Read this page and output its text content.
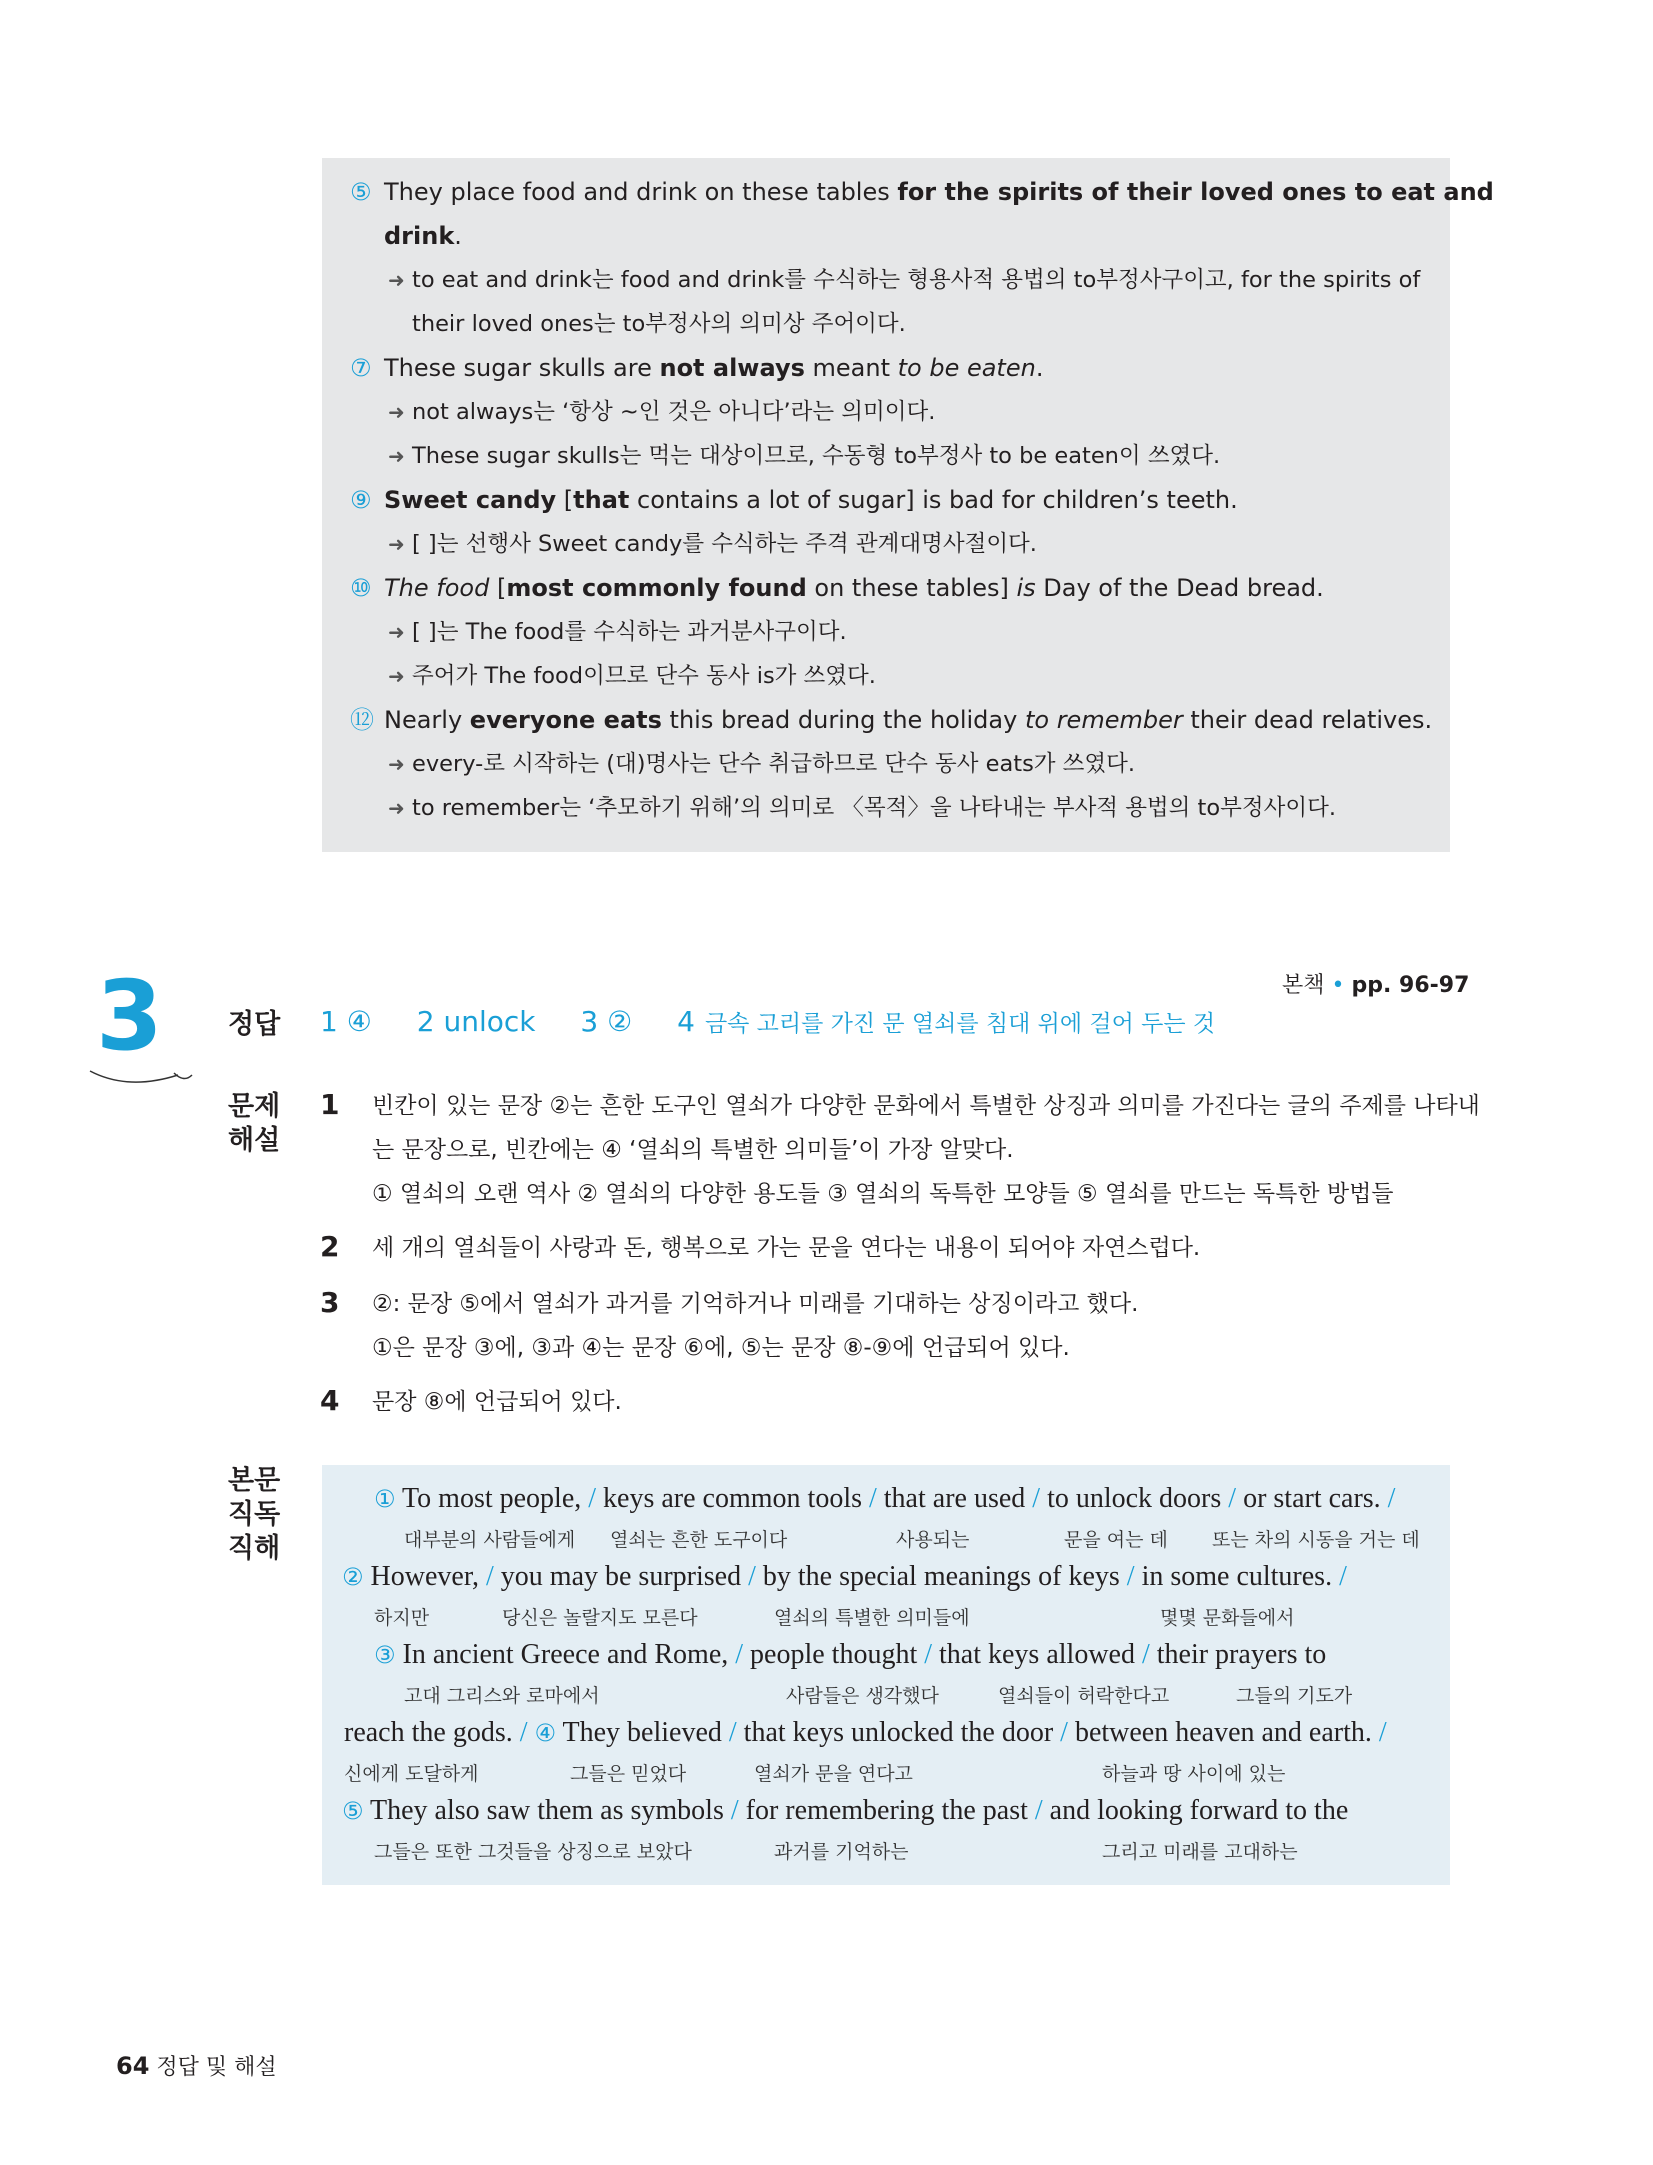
⑤ They place food and drink on these tables for the spirits of their loved ones to eat and
drink.
➜ to eat and drink는 food and drink를 수식하는 형용사적 용법의 to부정사구이고, for the spirits of
their loved ones는 to부정사의 의미상 주어이다.
⑦ These sugar skulls are not always meant to be eaten.
➜ not always는 ‘항상 ~인 것은 아니다’라는 의미이다.
➜ These sugar skulls는 먹는 대상이므로, 수동형 to부정사 to be eaten이 쓰였다.
⑨ Sweet candy [that contains a lot of sugar] is bad for children’s teeth.
➜ [ ]는 선행사 Sweet candy를 수식하는 주격 관계대명사절이다.
⑩ The food [most commonly found on these tables] is Day of the Dead bread.
➜ [ ]는 The food를 수식하는 과거분사구이다.
➜ 주어가 The food이므로 단수 동사 is가 쓰였다.
⑫ Nearly everyone eats this bread during the holiday to remember their dead relatives.
➜ every-로 시작하는 (대)명사는 단수 취급하므로 단수 동사 eats가 쓰였다.
➜ to remember는 ‘추모하기 위해’의 의미로 〈목적〉을 나타내는 부사적 용법의 to부정사이다.
3	본책 • pp. 96-97
정답 1 ④ 2 unlock 3 ② 4 금속 고리를 가진 문 열쇠를 침대 위에 걸어 두는 것
문제
해설
1 빈칸이 있는 문장 ②는 흔한 도구인 열쇠가 다양한 문화에서 특별한 상징과 의미를 가진다는 글의 주제를 나타내
는 문장으로, 빈칸에는 ④ ‘열쇠의 특별한 의미들’이 가장 알맞다.
① 열쇠의 오랜 역사 ② 열쇠의 다양한 용도들 ③ 열쇠의 독특한 모양들 ⑤ 열쇠를 만드는 독특한 방법들
2 세 개의 열쇠들이 사랑과 돈, 행복으로 가는 문을 연다는 내용이 되어야 자연스럽다.
3 ②: 문장 ⑤에서 열쇠가 과거를 기억하거나 미래를 기대하는 상징이라고 했다.
①은 문장 ③에, ③과 ④는 문장 ⑥에, ⑤는 문장 ⑧-⑨에 언급되어 있다.
4 문장 ⑧에 언급되어 있다.
본문
직독
직해
① To most people, / keys are common tools / that are used / to unlock doors / or start cars. /
대부분의 사람들에게 열쇠는 흔한 도구이다	사용되는	문을 여는 데 또는 차의 시동을 거는 데
② However, / you may be surprised / by the special meanings of keys / in some cultures. /
하지만	당신은 놀랄지도 모른다	열쇠의 특별한 의미들에	몇몇 문화들에서
③ In ancient Greece and Rome, / people thought / that keys allowed / their prayers to
고대 그리스와 로마에서	사람들은 생각했다	열쇠들이 허락한다고	그들의 기도가
reach the gods. / ④ They believed / that keys unlocked the door / between heaven and earth. /
신에게 도달하게	그들은 믿었다	열쇠가 문을 연다고	하늘과 땅 사이에 있는
⑤ They also saw them as symbols / for remembering the past / and looking forward to the
그들은 또한 그것들을 상징으로 보았다	과거를 기억하는	그리고 미래를 고대하는
64 정답 및 해설
